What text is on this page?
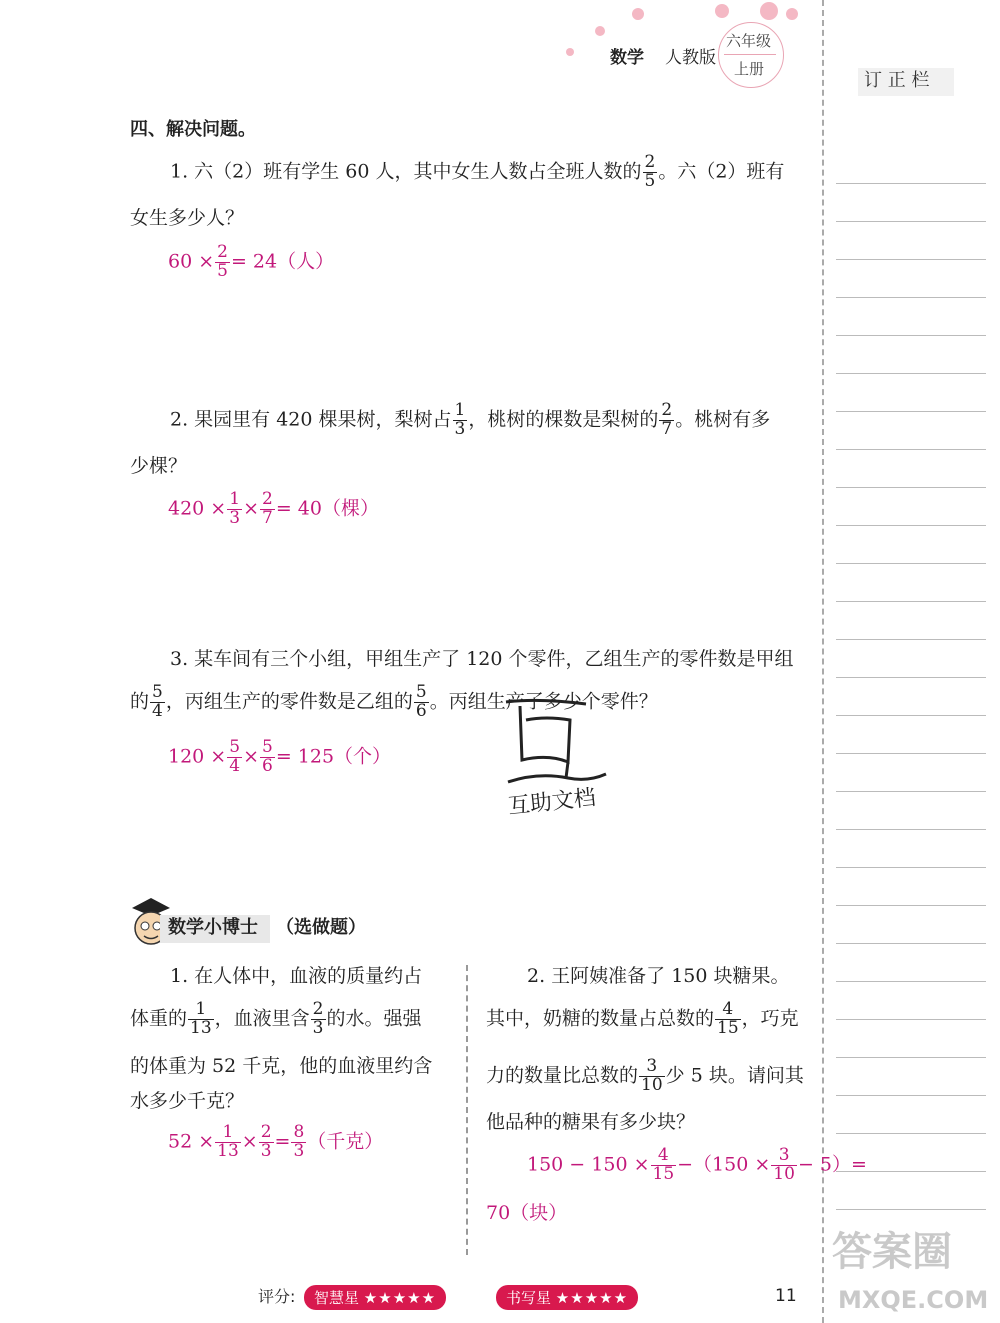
数学 人教版
六年级
上册
订 正 栏
四、解决问题。
1. 六（2）班有学生 60 人，其中女生人数占全班人数的 $\frac{2}{5}$ 。六（2）班有
女生多少人？
$60 \times \frac{2}{5} = 24$（人）
2. 果园里有 420 棵果树，梨树占 $\frac{1}{3}$ ，桃树的棵数是梨树的 $\frac{2}{7}$ 。桃树有多
少棵？
$420 \times \frac{1}{3} \times \frac{2}{7} = 40$（棵）
3. 某车间有三个小组，甲组生产了 120 个零件，乙组生产的零件数是甲组
的 $\frac{5}{4}$ ，丙组生产的零件数是乙组的 $\frac{5}{6}$ 。丙组生产了多少个零件？
$120 \times \frac{5}{4} \times \frac{5}{6} = 125$（个）
互助文档
数学小博士 （选做题）
1. 在人体中，血液的质量约占
体重的 $\frac{1}{13}$ ，血液里含 $\frac{2}{3}$ 的水。强强
的体重为 52 千克，他的血液里约含
水多少千克？
$52 \times \frac{1}{13} \times \frac{2}{3} = \frac{8}{3}$ （千克）
2. 王阿姨准备了 150 块糖果。
其中，奶糖的数量占总数的 $\frac{4}{15}$ ，巧克
力的数量比总数的 $\frac{3}{10}$ 少 5 块。请问其
他品种的糖果有多少块？
$150 - 150 \times \frac{4}{15} -(150 \times \frac{3}{10} - 5)=$
70（块）
评分:	智慧星 ★★★★★	书写星 ★★★★★	11
答案圈
MXQE.COM
